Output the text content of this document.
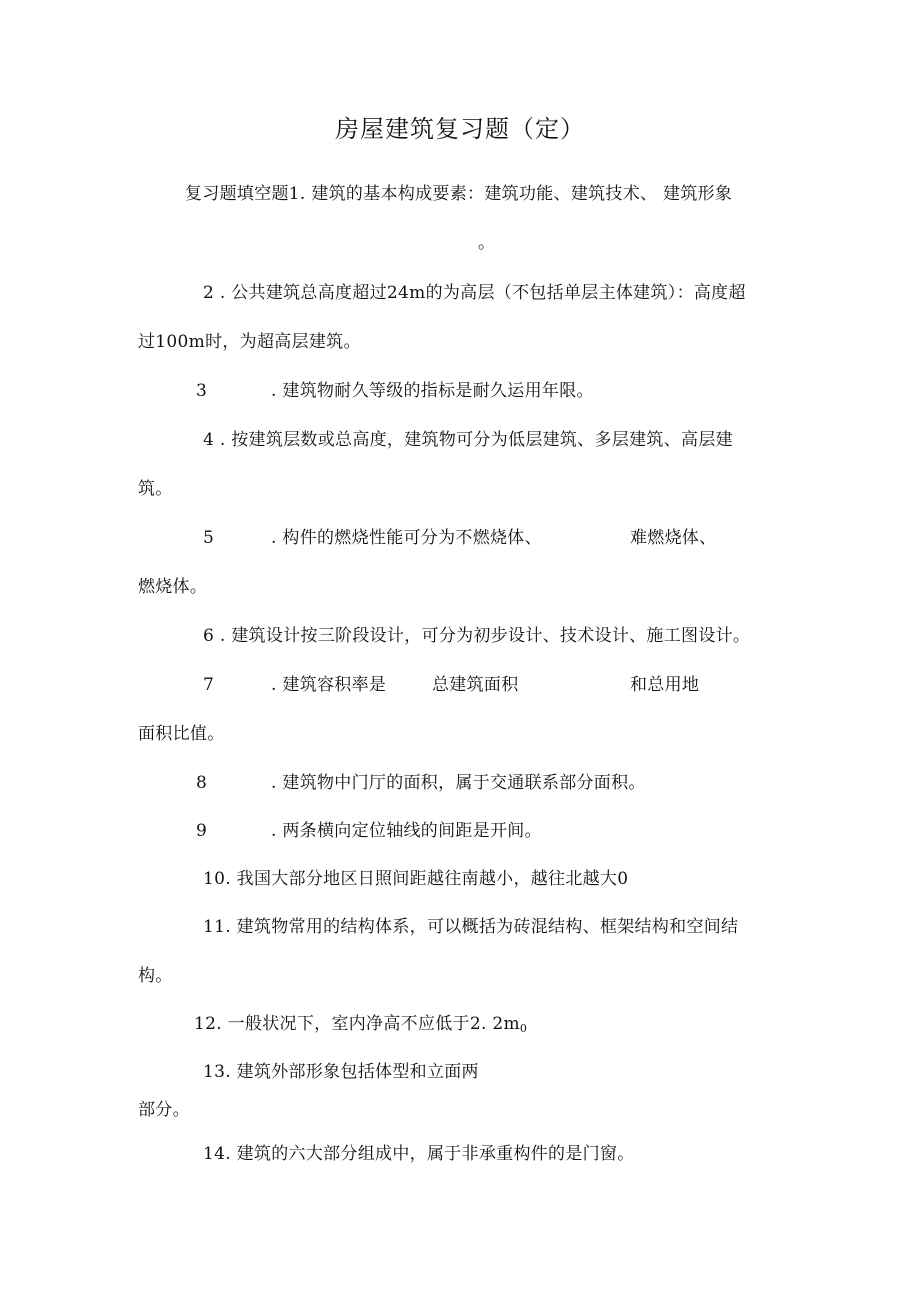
房屋建筑复习题（定）
复习题填空题1. 建筑的基本构成要素：建筑功能、建筑技术、 建筑形象
。
2 . 公共建筑总高度超过24m的为高层（不包括单层主体建筑）：高度超
过100m时，为超高层建筑。
3	. 建筑物耐久等级的指标是耐久运用年限。
4 . 按建筑层数或总高度，建筑物可分为低层建筑、多层建筑、高层建
筑。
5	. 构件的燃烧性能可分为不燃烧体、	难燃烧体、
燃烧体。
6 . 建筑设计按三阶段设计，可分为初步设计、技术设计、施工图设计。
7	. 建筑容积率是	总建筑面积	和总用地
面积比值。
8	. 建筑物中门厅的面积，属于交通联系部分面积。
9	. 两条横向定位轴线的间距是开间。
10. 我国大部分地区日照间距越往南越小，越往北越大0
11. 建筑物常用的结构体系，可以概括为砖混结构、框架结构和空间结
构。
12. 一般状况下，室内净高不应低于2. $2m_0$
13. 建筑外部形象包括体型和立面两
部分。
14. 建筑的六大部分组成中，属于非承重构件的是门窗。
